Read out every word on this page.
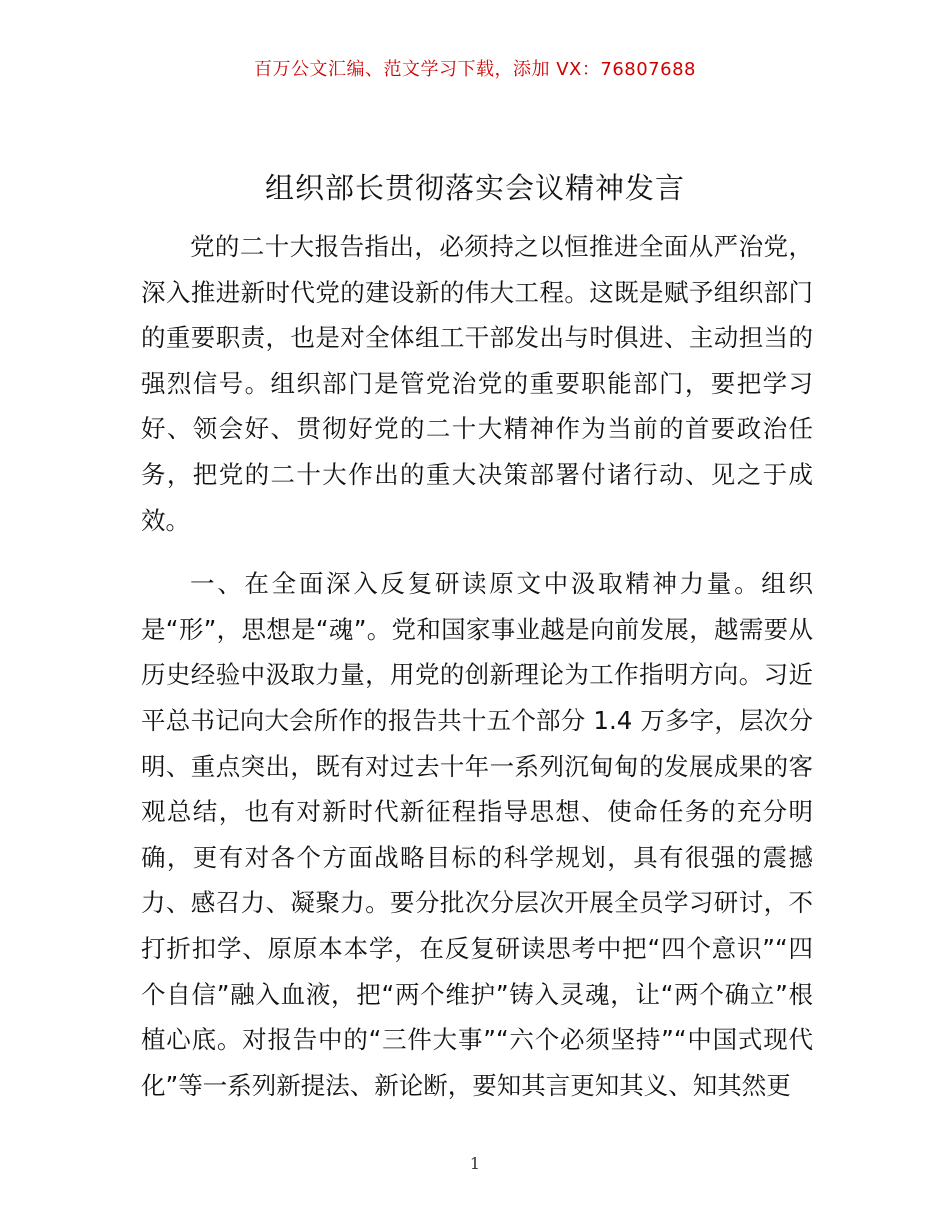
百万公文汇编、范文学习下载，添加 VX：76807688
组织部长贯彻落实会议精神发言

党的二十大报告指出，必须持之以恒推进全面从严治党，深入推进新时代党的建设新的伟大工程。这既是赋予组织部门的重要职责，也是对全体组工干部发出与时俱进、主动担当的强烈信号。组织部门是管党治党的重要职能部门，要把学习好、领会好、贯彻好党的二十大精神作为当前的首要政治任务，把党的二十大作出的重大决策部署付诸行动、见之于成效。

一、在全面深入反复研读原文中汲取精神力量。组织是“形”，思想是“魂”。党和国家事业越是向前发展，越需要从历史经验中汲取力量，用党的创新理论为工作指明方向。习近平总书记向大会所作的报告共十五个部分 1.4 万多字，层次分明、重点突出，既有对过去十年一系列沉甸甸的发展成果的客观总结，也有对新时代新征程指导思想、使命任务的充分明确，更有对各个方面战略目标的科学规划，具有很强的震撼力、感召力、凝聚力。要分批次分层次开展全员学习研讨，不打折扣学、原原本本学，在反复研读思考中把“四个意识”“四个自信”融入血液，把“两个维护”铸入灵魂，让“两个确立”根植心底。对报告中的“三件大事”“六个必须坚持”“中国式现代化”等一系列新提法、新论断，要知其言更知其义、知其然更

1
